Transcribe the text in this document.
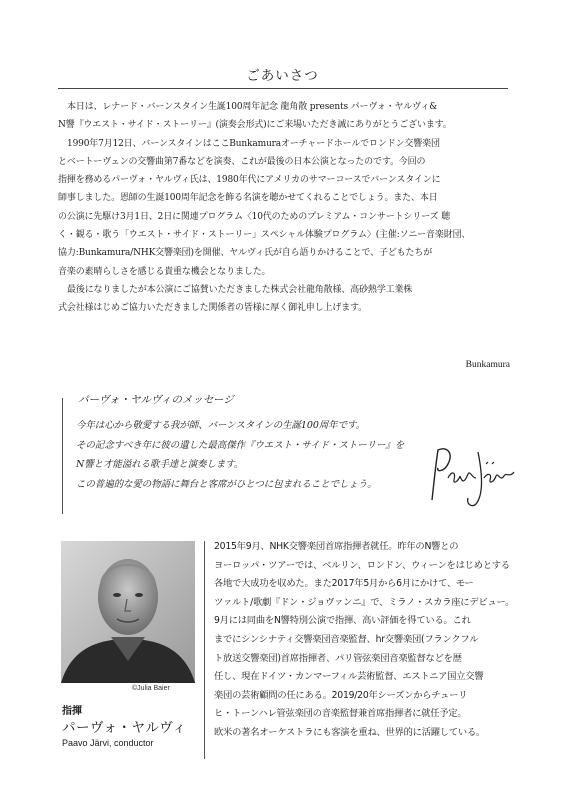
ごあいさつ

本日は、レナード・バーンスタイン生誕100周年記念 龍角散 presents パーヴォ・ヤルヴィ&
N響『ウエスト・サイド・ストーリー』(演奏会形式)にご来場いただき誠にありがとうございます。

1990年7月12日、バーンスタインはここBunkamuraオーチャードホールでロンドン交響楽団
とベートーヴェンの交響曲第7番などを演奏、これが最後の日本公演となったのです。今回の
指揮を務めるパーヴォ・ヤルヴィ氏は、1980年代にアメリカのサマーコースでバーンスタインに
師事しました。恩師の生誕100周年記念を飾る名演を聴かせてくれることでしょう。また、本日
の公演に先駆け3月1日、2日に関連プログラム〈10代のためのプレミアム・コンサートシリーズ 聴
く・観る・歌う「ウエスト・サイド・ストーリー」スペシャル体験プログラム〉(主催:ソニー音楽財団、
協力:Bunkamura/NHK交響楽団)を開催、ヤルヴィ氏が自ら語りかけることで、子どもたちが
音楽の素晴らしさを感じる貴重な機会となりました。

最後になりましたが本公演にご協賛いただきました株式会社龍角散様、高砂熱学工業株
式会社様はじめご協力いただきました関係者の皆様に厚く御礼申し上げます。

Bunkamura
パーヴォ・ヤルヴィのメッセージ
今年は心から敬愛する我が師、バーンスタインの生誕100周年です。
その記念すべき年に彼の遺した最高傑作『ウエスト・サイド・ストーリー』を
N響と才能溢れる歌手達と演奏します。
この普遍的な愛の物語に舞台と客席がひとつに包まれることでしょう。
©Julia Baier
指揮
パーヴォ・ヤルヴィ
Paavo Järvi, conductor
2015年9月、NHK交響楽団首席指揮者就任。昨年のN響との
ヨーロッパ・ツアーでは、ベルリン、ロンドン、ウィーンをはじめとする
各地で大成功を収めた。また2017年5月から6月にかけて、モー
ツァルト/歌劇『ドン・ジョヴァンニ』で、ミラノ・スカラ座にデビュー。
9月には同曲をN響特別公演で指揮、高い評価を得ている。これ
までにシンシナティ交響楽団音楽監督、hr交響楽団(フランクフル
ト放送交響楽団)首席指揮者、パリ管弦楽団音楽監督などを歴
任し、現在ドイツ・カンマーフィル芸術監督、エストニア国立交響
楽団の芸術顧問の任にある。2019/20年シーズンからチューリ
ヒ・トーンハレ管弦楽団の音楽監督兼首席指揮者に就任予定。
欧米の著名オーケストラにも客演を重ね、世界的に活躍している。
